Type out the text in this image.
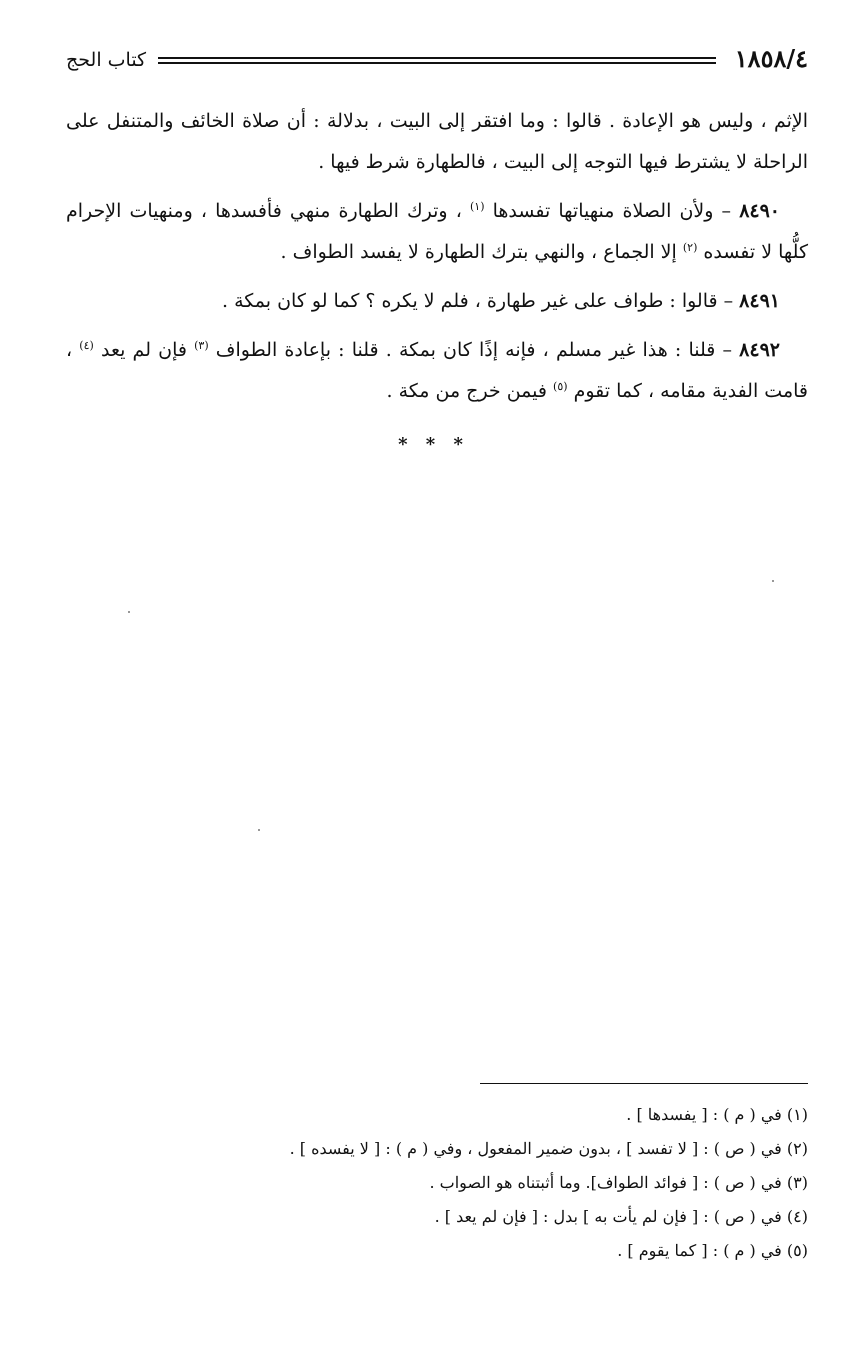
١٨٥٨/٤
كتاب الحج

الإثم ، وليس هو الإعادة . قالوا : وما افتقر إلى البيت ، بدلالة : أن صلاة الخائف والمتنفل على الراحلة لا يشترط فيها التوجه إلى البيت ، فالطهارة شرط فيها .

٨٤٩٠ – ولأن الصلاة منهياتها تفسدها $^{(١)}$ ، وترك الطهارة منهي فأفسدها ، ومنهيات الإحرام كلُّها لا تفسده $^{(٢)}$ إلا الجماع ، والنهي بترك الطهارة لا يفسد الطواف .

٨٤٩١ – قالوا : طواف على غير طهارة ، فلم لا يكره ؟ كما لو كان بمكة .

٨٤٩٢ – قلنا : هذا غير مسلم ، فإنه إذًا كان بمكة . قلنا : بإعادة الطواف $^{(٣)}$ فإن لم يعد $^{(٤)}$ ، قامت الفدية مقامه ، كما تقوم $^{(٥)}$ فيمن خرج من مكة .

* * *

(١) في ( م ) : [ يفسدها ] .

(٢) في ( ص ) : [ لا تفسد ] ، بدون ضمير المفعول ، وفي ( م ) : [ لا يفسده ] .

(٣) في ( ص ) : [ فوائد الطواف]. وما أثبتناه هو الصواب .

(٤) في ( ص ) : [ فإن لم يأت به ] بدل : [ فإن لم يعد ] .

(٥) في ( م ) : [ كما يقوم ] .
